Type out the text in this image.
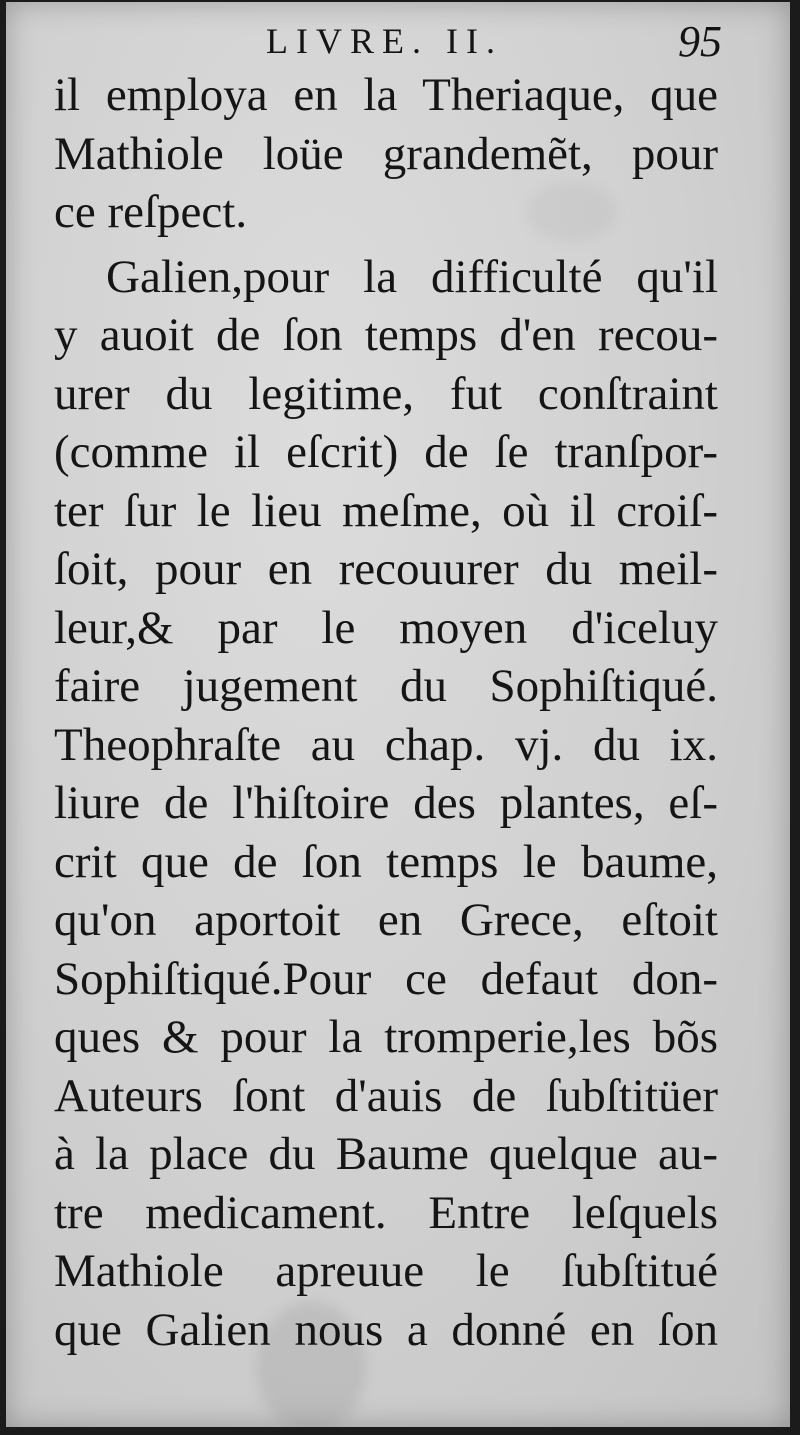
LIVRE. II.	95
il employa en la Theriaque, que
Mathiole loüe grandemẽt, pour
ce reſpect.
Galien,pour la difficulté qu'il
y auoit de ſon temps d'en recou-
urer du legitime, fut conſtraint
(comme il eſcrit) de ſe tranſpor-
ter ſur le lieu meſme, où il croiſ-
ſoit, pour en recouurer du meil-
leur,& par le moyen d'iceluy
faire jugement du Sophiſtiqué.
Theophraſte au chap. vj. du ix.
liure de l'hiſtoire des plantes, eſ-
crit que de ſon temps le baume,
qu'on aportoit en Grece, eſtoit
Sophiſtiqué.Pour ce defaut don-
ques & pour la tromperie,les bõs
Auteurs ſont d'auis de ſubſtitüer
à la place du Baume quelque au-
tre medicament. Entre leſquels
Mathiole apreuue le ſubſtitué
que Galien nous a donné en ſon
